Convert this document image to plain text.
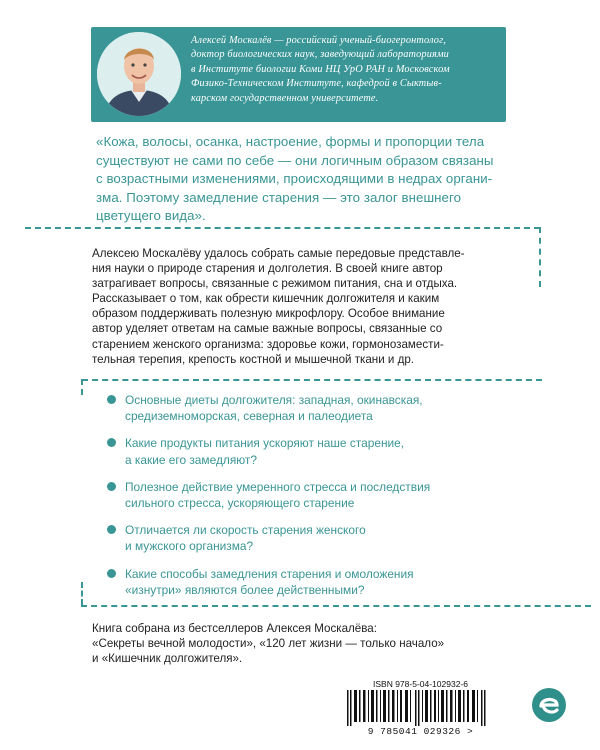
Алексей Москалёв — российский ученый-биогеронтолог,
доктор биологических наук, заведующий лабораториями
в Институте биологии Коми НЦ УрО РАН и Московском
Физико-Техническом Институте, кафедрой в Сыктыв-
карском государственном университете.
«Кожа, волосы, осанка, настроение, формы и пропорции тела
существуют не сами по себе — они логичным образом связаны
с возрастными изменениями, происходящими в недрах органи-
зма. Поэтому замедление старения — это залог внешнего
цветущего вида».
Алексею Москалёву удалось собрать самые передовые представле-
ния науки о природе старения и долголетия. В своей книге автор
затрагивает вопросы, связанные с режимом питания, сна и отдыха.
Рассказывает о том, как обрести кишечник долгожителя и каким
образом поддерживать полезную микрофлору. Особое внимание
автор уделяет ответам на самые важные вопросы, связанные со
старением женского организма: здоровье кожи, гормонозамести-
тельная терепия, крепость костной и мышечной ткани и др.
Основные диеты долгожителя: западная, окинавская,
средиземноморская, северная и палеодиета
Какие продукты питания ускоряют наше старение,
а какие его замедляют?
Полезное действие умеренного стресса и последствия
сильного стресса, ускоряющего старение
Отличается ли скорость старения женского
и мужского организма?
Какие способы замедления старения и омоложения
«изнутри» являются более действенными?
Книга собрана из бестселлеров Алексея Москалёва:
«Секреты вечной молодости», «120 лет жизни — только начало»
и «Кишечник долгожителя».
ISBN 978-5-04-102932-6
9 785041 029326 >
